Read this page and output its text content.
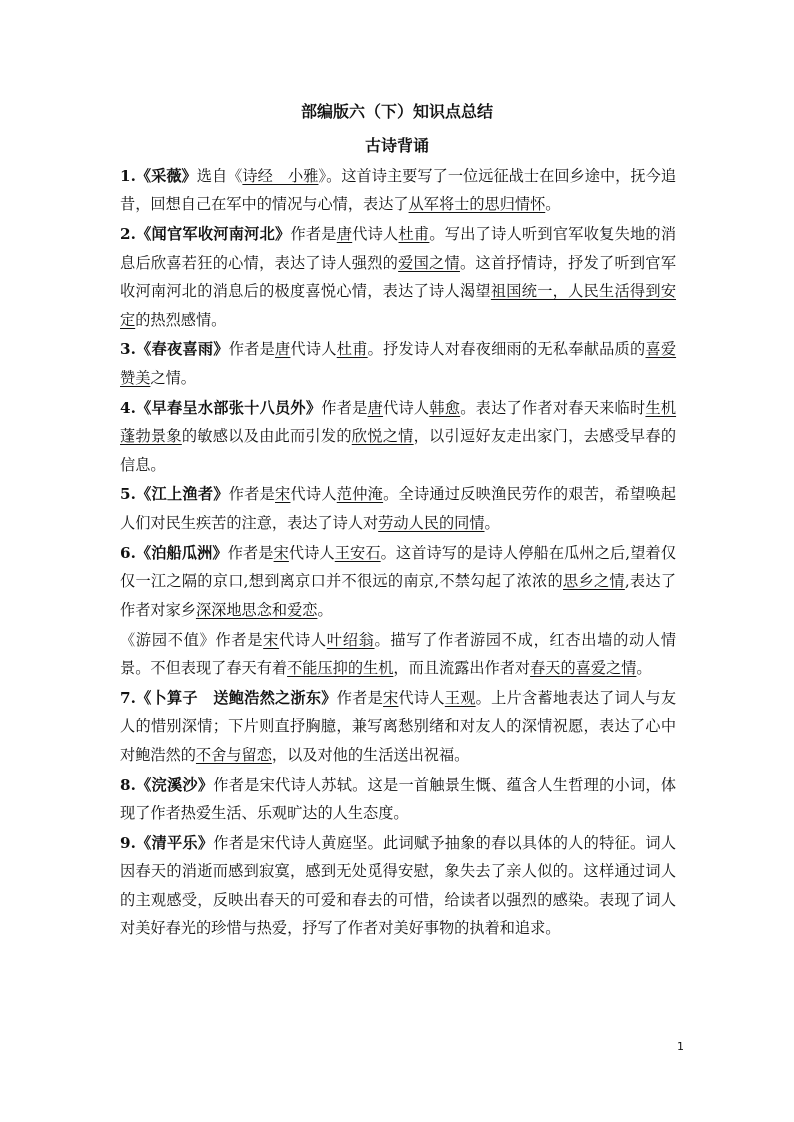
部编版六（下）知识点总结
古诗背诵

1.《采薇》选自《诗经　小雅》。这首诗主要写了一位远征战士在回乡途中，抚今追昔，回想自己在军中的情况与心情，表达了从军将士的思归情怀。

2.《闻官军收河南河北》作者是唐代诗人杜甫。写出了诗人听到官军收复失地的消息后欣喜若狂的心情，表达了诗人强烈的爱国之情。这首抒情诗，抒发了听到官军收河南河北的消息后的极度喜悦心情，表达了诗人渴望祖国统一，人民生活得到安定的热烈感情。

3.《春夜喜雨》作者是唐代诗人杜甫。抒发诗人对春夜细雨的无私奉献品质的喜爱赞美之情。

4.《早春呈水部张十八员外》作者是唐代诗人韩愈。表达了作者对春天来临时生机蓬勃景象的敏感以及由此而引发的欣悦之情，以引逗好友走出家门，去感受早春的信息。

5.《江上渔者》作者是宋代诗人范仲淹。全诗通过反映渔民劳作的艰苦，希望唤起人们对民生疾苦的注意，表达了诗人对劳动人民的同情。

6.《泊船瓜洲》作者是宋代诗人王安石。这首诗写的是诗人停船在瓜州之后,望着仅仅一江之隔的京口,想到离京口并不很远的南京,不禁勾起了浓浓的思乡之情,表达了作者对家乡深深地思念和爱恋。

《游园不值》作者是宋代诗人叶绍翁。描写了作者游园不成，红杏出墙的动人情景。不但表现了春天有着不能压抑的生机，而且流露出作者对春天的喜爱之情。

7.《卜算子　送鲍浩然之浙东》作者是宋代诗人王观。上片含蓄地表达了词人与友人的惜别深情；下片则直抒胸臆，兼写离愁别绪和对友人的深情祝愿，表达了心中对鲍浩然的不舍与留恋，以及对他的生活送出祝福。

8.《浣溪沙》作者是宋代诗人苏轼。这是一首触景生慨、蕴含人生哲理的小词，体现了作者热爱生活、乐观旷达的人生态度。

9.《清平乐》作者是宋代诗人黄庭坚。此词赋予抽象的春以具体的人的特征。词人因春天的消逝而感到寂寞，感到无处觅得安慰，象失去了亲人似的。这样通过词人的主观感受，反映出春天的可爱和春去的可惜，给读者以强烈的感染。表现了词人对美好春光的珍惜与热爱，抒写了作者对美好事物的执着和追求。

1
